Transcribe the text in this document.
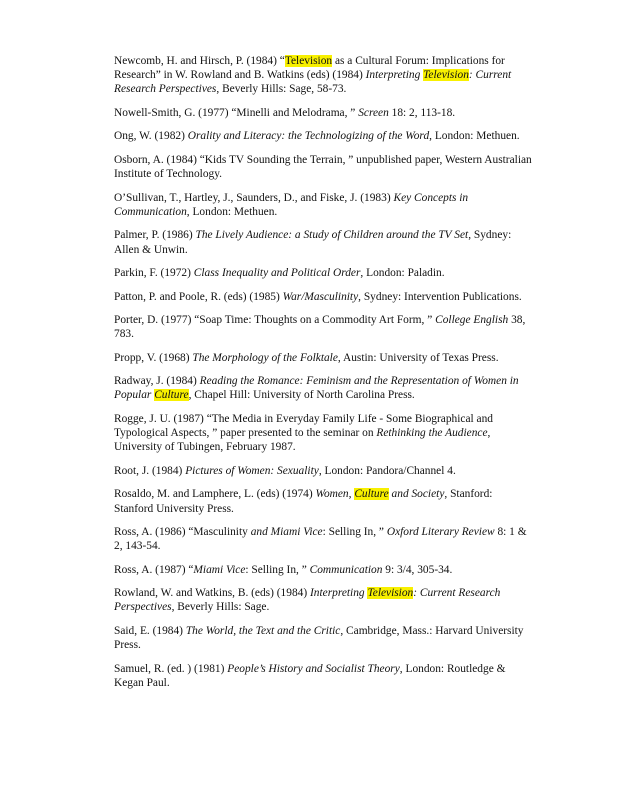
Newcomb, H. and Hirsch, P. (1984) “Television as a Cultural Forum: Implications for Research” in W. Rowland and B. Watkins (eds) (1984) Interpreting Television: Current Research Perspectives, Beverly Hills: Sage, 58-73.

Nowell-Smith, G. (1977) “Minelli and Melodrama, ” Screen 18: 2, 113-18.

Ong, W. (1982) Orality and Literacy: the Technologizing of the Word, London: Methuen.

Osborn, A. (1984) “Kids TV Sounding the Terrain, ” unpublished paper, Western Australian Institute of Technology.

O’Sullivan, T., Hartley, J., Saunders, D., and Fiske, J. (1983) Key Concepts in Communication, London: Methuen.

Palmer, P. (1986) The Lively Audience: a Study of Children around the TV Set, Sydney: Allen & Unwin.

Parkin, F. (1972) Class Inequality and Political Order, London: Paladin.

Patton, P. and Poole, R. (eds) (1985) War/Masculinity, Sydney: Intervention Publications.

Porter, D. (1977) “Soap Time: Thoughts on a Commodity Art Form, ” College English 38, 783.

Propp, V. (1968) The Morphology of the Folktale, Austin: University of Texas Press.

Radway, J. (1984) Reading the Romance: Feminism and the Representation of Women in Popular Culture, Chapel Hill: University of North Carolina Press.

Rogge, J. U. (1987) “The Media in Everyday Family Life - Some Biographical and Typological Aspects, ” paper presented to the seminar on Rethinking the Audience, University of Tubingen, February 1987.

Root, J. (1984) Pictures of Women: Sexuality, London: Pandora/Channel 4.

Rosaldo, M. and Lamphere, L. (eds) (1974) Women, Culture and Society, Stanford: Stanford University Press.

Ross, A. (1986) “Masculinity and Miami Vice: Selling In, ” Oxford Literary Review 8: 1 & 2, 143-54.

Ross, A. (1987) “Miami Vice: Selling In, ” Communication 9: 3/4, 305-34.

Rowland, W. and Watkins, B. (eds) (1984) Interpreting Television: Current Research Perspectives, Beverly Hills: Sage.

Said, E. (1984) The World, the Text and the Critic, Cambridge, Mass.: Harvard University Press.

Samuel, R. (ed. ) (1981) People’s History and Socialist Theory, London: Routledge & Kegan Paul.
